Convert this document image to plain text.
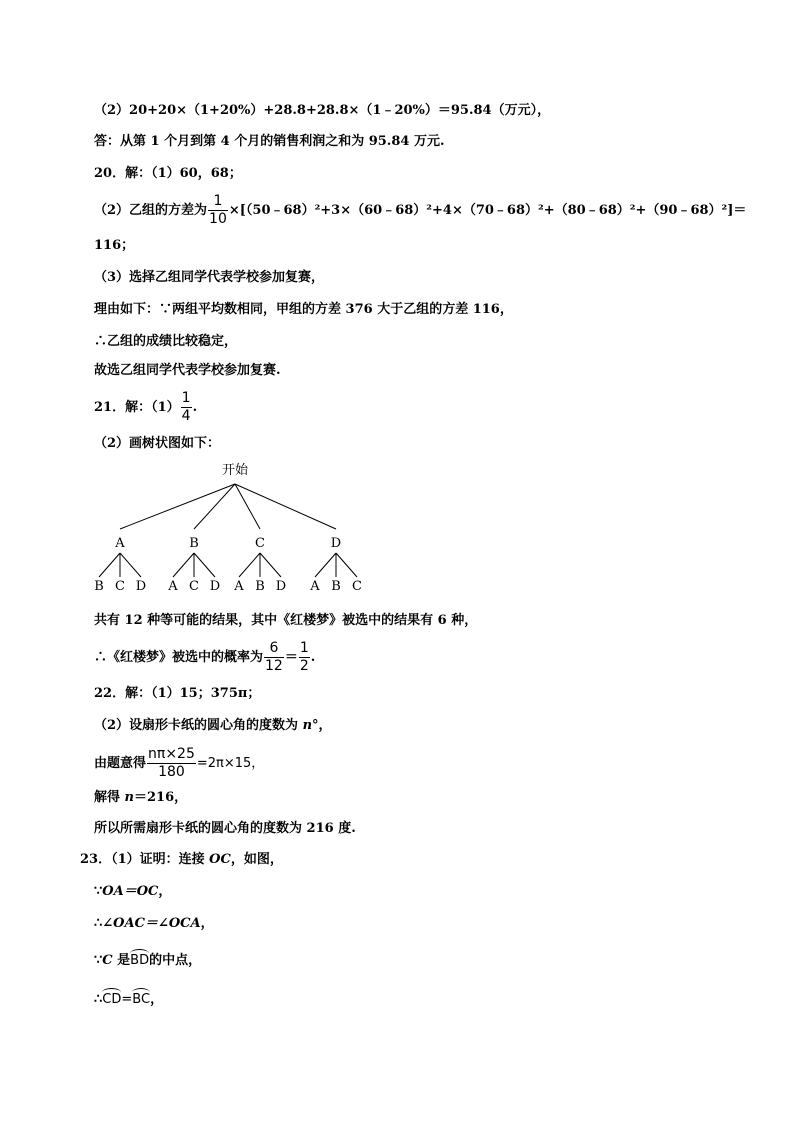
（2）20+20×（1+20%）+28.8+28.8×（1﹣20%）＝95.84（万元），
答：从第 1 个月到第 4 个月的销售利润之和为 95.84 万元.
20．解：（1）60，68；
（2）乙组的方差为 $\frac{1}{10}$ ×[（50﹣68）²+3×（60﹣68）²+4×（70﹣68）²+（80﹣68）²+（90﹣68）²]＝
116；
（3）选择乙组同学代表学校参加复赛，
理由如下：∵两组平均数相同，甲组的方差 376 大于乙组的方差 116，
∴乙组的成绩比较稳定，
故选乙组同学代表学校参加复赛.
21．解：$(1) \frac{1}{4}$ .
（2）画树状图如下：
开始
A
B C D
B
A C D
C
A B D
D
A B C
共有 12 种等可能的结果，其中《红楼梦》被选中的结果有 6 种，
∴《红楼梦》被选中的概率为 $\frac{6}{12} = \frac{1}{2}$ .
22．解：（1）15；375π；
（2）设扇形卡纸的圆心角的度数为 n°，
由题意得 $\frac{n\pi\times 25}{180} =2\pi\times 15$，
解得 n＝216，
所以所需扇形卡纸的圆心角的度数为 216 度.
23．（1）证明：连接 OC，如图，
∵OA＝OC，
∴∠OAC＝∠OCA，
∵C 是BD的中点，
∴CD=BC，
